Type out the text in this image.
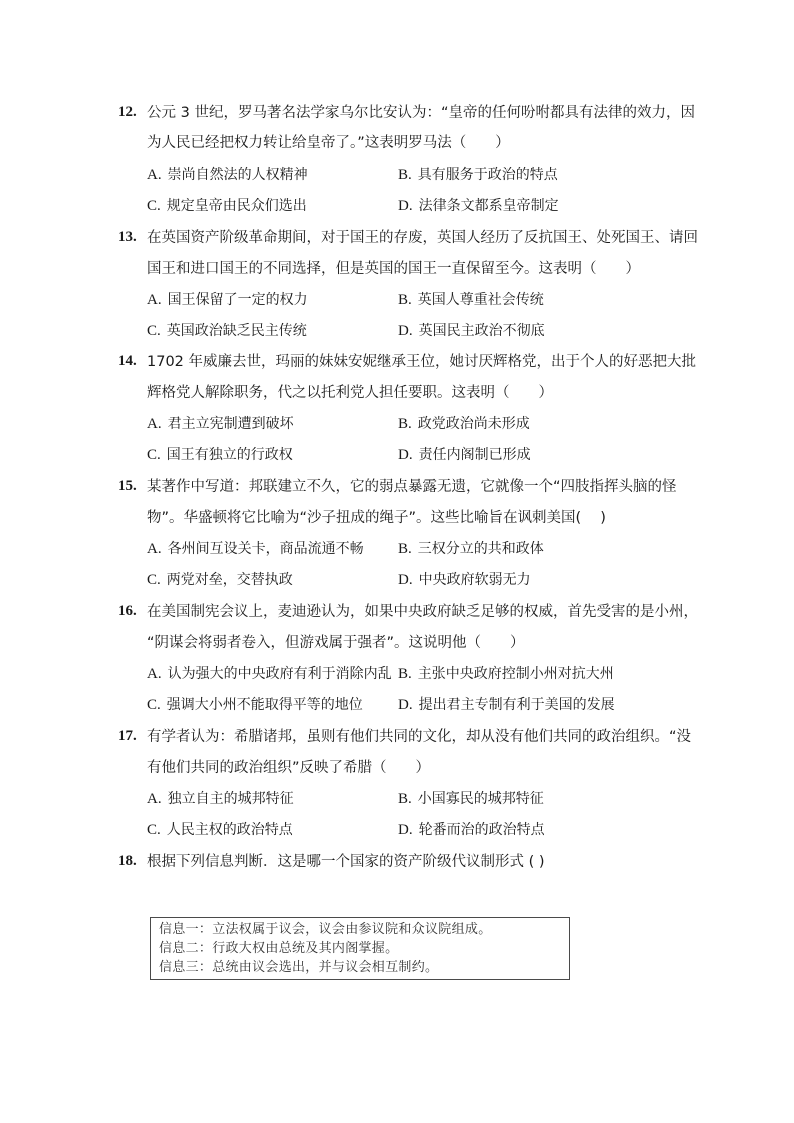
12. 公元 3 世纪，罗马著名法学家乌尔比安认为：“皇帝的任何吩咐都具有法律的效力，因
为人民已经把权力转让给皇帝了。”这表明罗马法（　　）
A. 崇尚自然法的人权精神	B. 具有服务于政治的特点
C. 规定皇帝由民众们选出	D. 法律条文都系皇帝制定
13. 在英国资产阶级革命期间，对于国王的存废，英国人经历了反抗国王、处死国王、请回
国王和进口国王的不同选择，但是英国的国王一直保留至今。这表明（　　）
A. 国王保留了一定的权力	B. 英国人尊重社会传统
C. 英国政治缺乏民主传统	D. 英国民主政治不彻底
14. 1702 年威廉去世，玛丽的妹妹安妮继承王位，她讨厌辉格党，出于个人的好恶把大批
辉格党人解除职务，代之以托利党人担任要职。这表明（　　）
A. 君主立宪制遭到破坏	B. 政党政治尚未形成
C. 国王有独立的行政权	D. 责任内阁制已形成
15. 某著作中写道：邦联建立不久，它的弱点暴露无遗，它就像一个“四肢指挥头脑的怪
物”。华盛顿将它比喻为“沙子扭成的绳子”。这些比喻旨在讽刺美国(　 )
A. 各州间互设关卡，商品流通不畅 B. 三权分立的共和政体
C. 两党对垒，交替执政	D. 中央政府软弱无力
16. 在美国制宪会议上，麦迪逊认为，如果中央政府缺乏足够的权威，首先受害的是小州，
“阴谋会将弱者卷入，但游戏属于强者”。这说明他（　　）
A. 认为强大的中央政府有利于消除内乱 B. 主张中央政府控制小州对抗大州
C. 强调大小州不能取得平等的地位 D. 提出君主专制有利于美国的发展
17. 有学者认为：希腊诸邦，虽则有他们共同的文化，却从没有他们共同的政治组织。“没
有他们共同的政治组织”反映了希腊（　　）
A. 独立自主的城邦特征	B. 小国寡民的城邦特征
C. 人民主权的政治特点	D. 轮番而治的政治特点
18. 根据下列信息判断．这是哪一个国家的资产阶级代议制形式 ( )
信息一：立法权属于议会，议会由参议院和众议院组成。
信息二：行政大权由总统及其内阁掌握。
信息三：总统由议会选出，并与议会相互制约。
